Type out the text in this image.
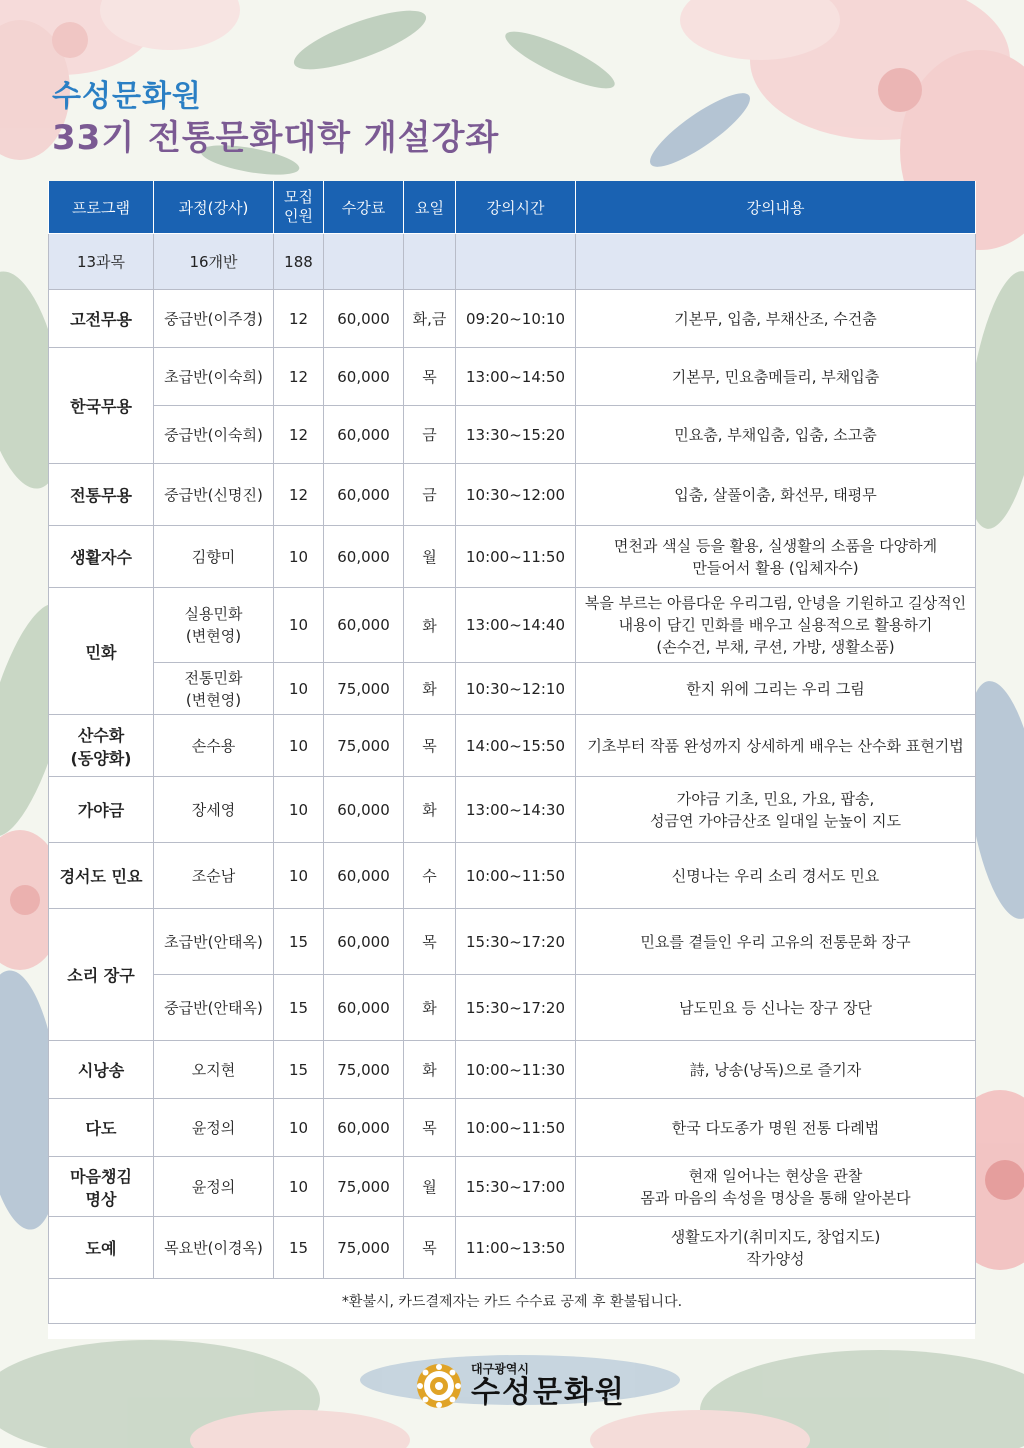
수성문화원
33기 전통문화대학 개설강좌
프로그램	과정(강사)	모집
인원	수강료	요일	강의시간	강의내용
13과목	16개반	188				
고전무용	중급반(이주경)	12	60,000	화,금	09:20~10:10	기본무, 입춤, 부채산조, 수건춤
한국무용	초급반(이숙희)	12	60,000	목	13:00~14:50	기본무, 민요춤메들리, 부채입춤
	중급반(이숙희)	12	60,000	금	13:30~15:20	민요춤, 부채입춤, 입춤, 소고춤
전통무용	중급반(신명진)	12	60,000	금	10:30~12:00	입춤, 살풀이춤, 화선무, 태평무
생활자수	김향미	10	60,000	월	10:00~11:50	면천과 색실 등을 활용, 실생활의 소품을 다양하게
만들어서 활용 (입체자수)
민화	실용민화
(변현영)	10	60,000	화	13:00~14:40	복을 부르는 아름다운 우리그림, 안녕을 기원하고 길상적인
내용이 담긴 민화를 배우고 실용적으로 활용하기
(손수건, 부채, 쿠션, 가방, 생활소품)
	전통민화
(변현영)	10	75,000	화	10:30~12:10	한지 위에 그리는 우리 그림
산수화
(동양화)	손수용	10	75,000	목	14:00~15:50	기초부터 작품 완성까지 상세하게 배우는 산수화 표현기법
가야금	장세영	10	60,000	화	13:00~14:30	가야금 기초, 민요, 가요, 팝송,
성금연 가야금산조 일대일 눈높이 지도
경서도 민요	조순남	10	60,000	수	10:00~11:50	신명나는 우리 소리 경서도 민요
소리 장구	초급반(안태옥)	15	60,000	목	15:30~17:20	민요를 곁들인 우리 고유의 전통문화 장구
	중급반(안태옥)	15	60,000	화	15:30~17:20	남도민요 등 신나는 장구 장단
시낭송	오지현	15	75,000	화	10:00~11:30	詩, 낭송(낭독)으로 즐기자
다도	윤정의	10	60,000	목	10:00~11:50	한국 다도종가 명원 전통 다례법
마음챙김
명상	윤정의	10	75,000	월	15:30~17:00	현재 일어나는 현상을 관찰
몸과 마음의 속성을 명상을 통해 알아본다
도예	목요반(이경옥)	15	75,000	목	11:00~13:50	생활도자기(취미지도, 창업지도)
작가양성
*환불시, 카드결제자는 카드 수수료 공제 후 환불됩니다.						
대구광역시
수성문화원
